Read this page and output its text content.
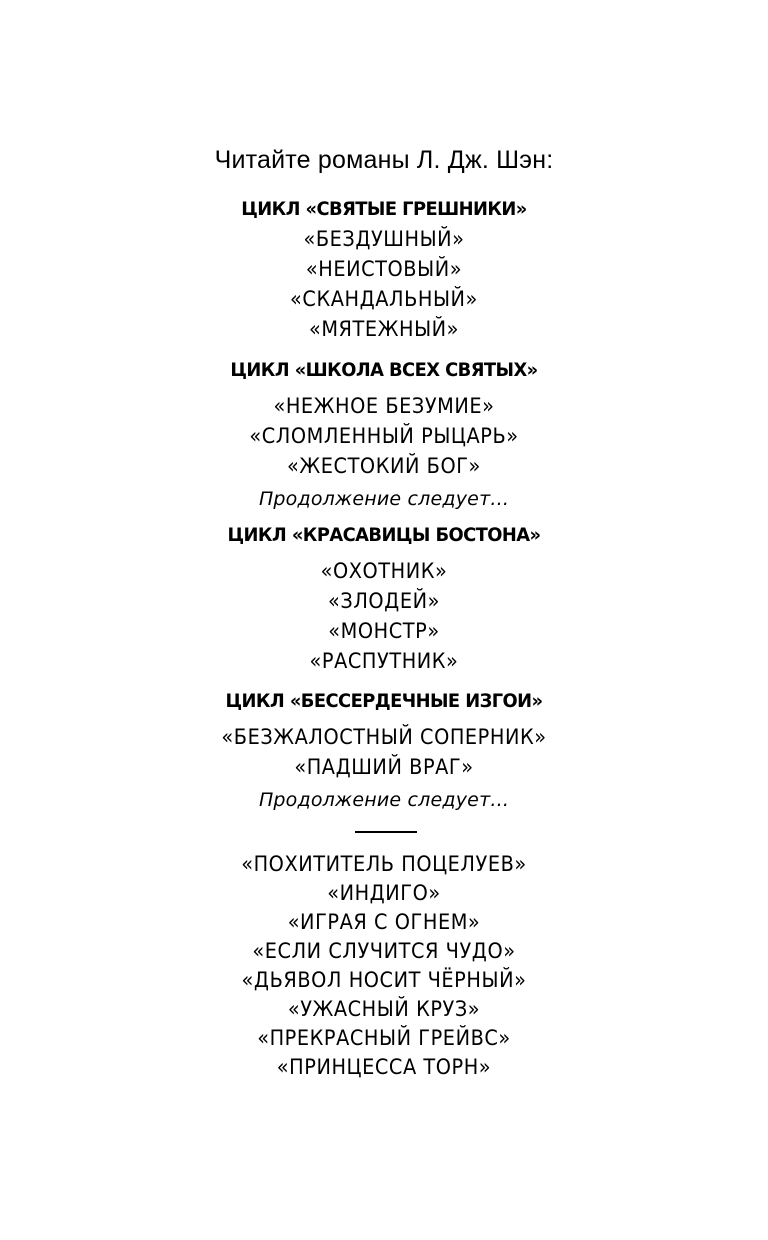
Читайте романы Л. Дж. Шэн:
ЦИКЛ «СВЯТЫЕ ГРЕШНИКИ»
«БЕЗДУШНЫЙ»
«НЕИСТОВЫЙ»
«СКАНДАЛЬНЫЙ»
«МЯТЕЖНЫЙ»
ЦИКЛ «ШКОЛА ВСЕХ СВЯТЫХ»
«НЕЖНОЕ БЕЗУМИЕ»
«СЛОМЛЕННЫЙ РЫЦАРЬ»
«ЖЕСТОКИЙ БОГ»
Продолжение следует...
ЦИКЛ «КРАСАВИЦЫ БОСТОНА»
«ОХОТНИК»
«ЗЛОДЕЙ»
«МОНСТР»
«РАСПУТНИК»
ЦИКЛ «БЕССЕРДЕЧНЫЕ ИЗГОИ»
«БЕЗЖАЛОСТНЫЙ СОПЕРНИК»
«ПАДШИЙ ВРАГ»
Продолжение следует...
«ПОХИТИТЕЛЬ ПОЦЕЛУЕВ»
«ИНДИГО»
«ИГРАЯ С ОГНЕМ»
«ЕСЛИ СЛУЧИТСЯ ЧУДО»
«ДЬЯВОЛ НОСИТ ЧЁРНЫЙ»
«УЖАСНЫЙ КРУЗ»
«ПРЕКРАСНЫЙ ГРЕЙВС»
«ПРИНЦЕССА ТОРН»
